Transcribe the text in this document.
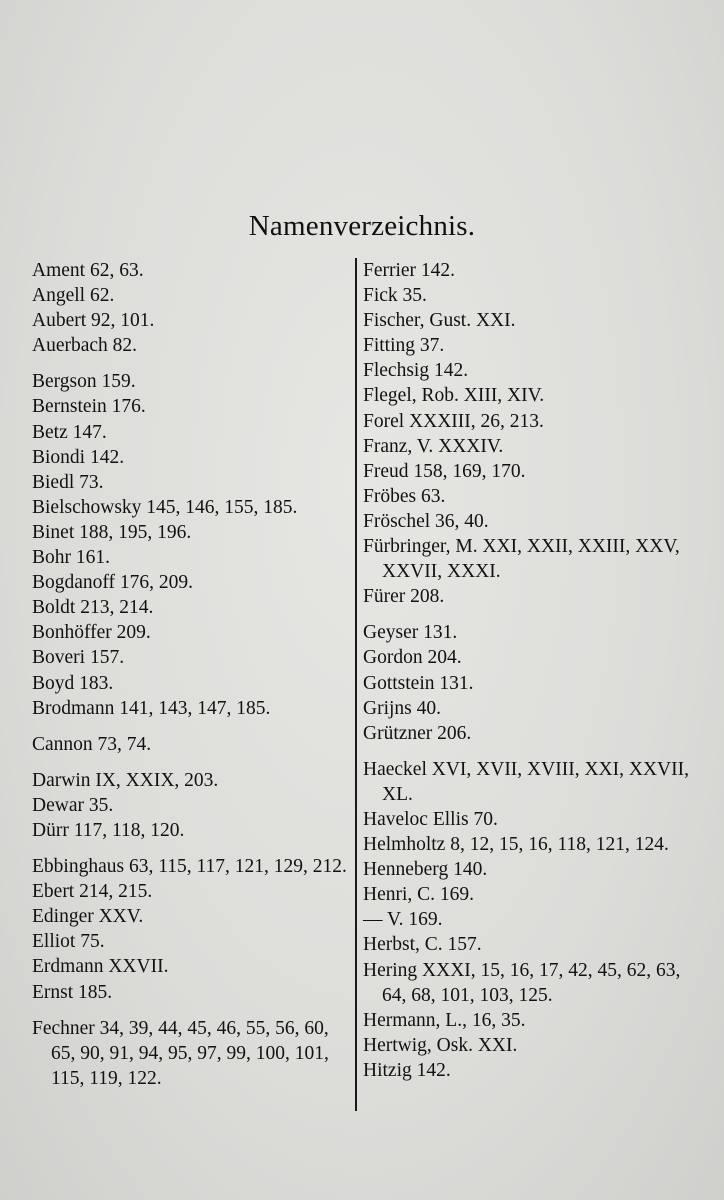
Namenverzeichnis.
Ament 62, 63.
Angell 62.
Aubert 92, 101.
Auerbach 82.
Bergson 159.
Bernstein 176.
Betz 147.
Biondi 142.
Biedl 73.
Bielschowsky 145, 146, 155, 185.
Binet 188, 195, 196.
Bohr 161.
Bogdanoff 176, 209.
Boldt 213, 214.
Bonhöffer 209.
Boveri 157.
Boyd 183.
Brodmann 141, 143, 147, 185.
Cannon 73, 74.
Darwin IX, XXIX, 203.
Dewar 35.
Dürr 117, 118, 120.
Ebbinghaus 63, 115, 117, 121, 129, 212.
Ebert 214, 215.
Edinger XXV.
Elliot 75.
Erdmann XXVII.
Ernst 185.
Fechner 34, 39, 44, 45, 46, 55, 56, 60, 65, 90, 91, 94, 95, 97, 99, 100, 101, 115, 119, 122.
Ferrier 142.
Fick 35.
Fischer, Gust. XXI.
Fitting 37.
Flechsig 142.
Flegel, Rob. XIII, XIV.
Forel XXXIII, 26, 213.
Franz, V. XXXIV.
Freud 158, 169, 170.
Fröbes 63.
Fröschel 36, 40.
Fürbringer, M. XXI, XXII, XXIII, XXV, XXVII, XXXI.
Fürer 208.
Geyser 131.
Gordon 204.
Gottstein 131.
Grijns 40.
Grützner 206.
Haeckel XVI, XVII, XVIII, XXI, XXVII, XL.
Haveloc Ellis 70.
Helmholtz 8, 12, 15, 16, 118, 121, 124.
Henneberg 140.
Henri, C. 169.
— V. 169.
Herbst, C. 157.
Hering XXXI, 15, 16, 17, 42, 45, 62, 63, 64, 68, 101, 103, 125.
Hermann, L., 16, 35.
Hertwig, Osk. XXI.
Hitzig 142.
